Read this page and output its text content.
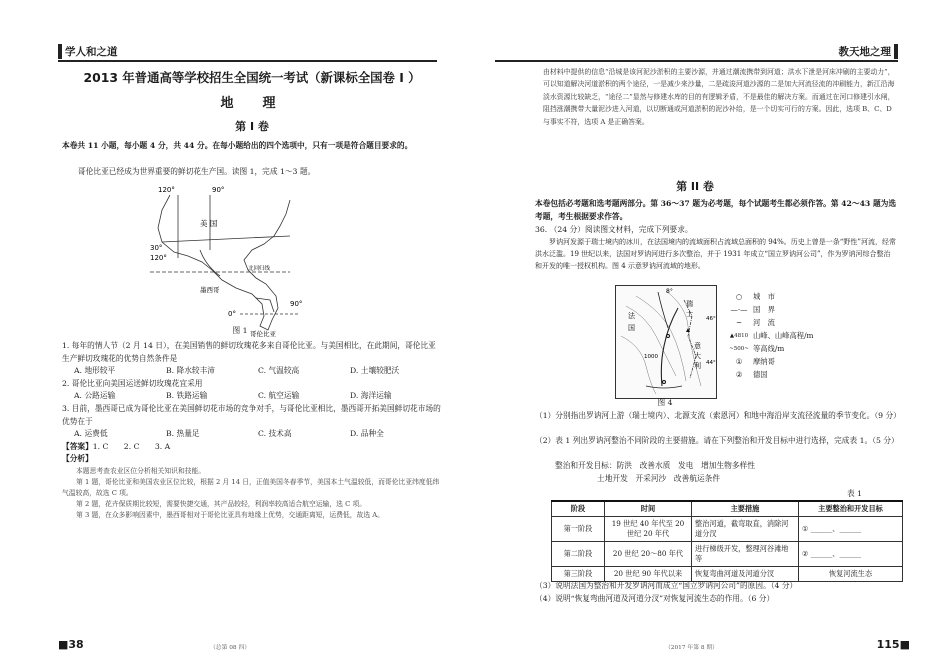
学人和之道
2013 年普通高等学校招生全国统一考试（新课标全国卷 I ）
地　理
第 I 卷
本卷共 11 小题，每小题 4 分，共 44 分。在每小题给出的四个选项中，只有一项是符合题目要求的。
哥伦比亚已经成为世界重要的鲜切花生产国。读图 1，完成 1～3 题。
120°	90°
美 国
30°
120°
北回归线
墨西哥
0°
90°
哥伦比亚
图 1
1. 每年的情人节（2 月 14 日），在美国销售的鲜切玫瑰花多来自哥伦比亚。与美国相比，在此期间，哥伦比亚生产鲜切玫瑰花的优势自然条件是
A. 地形较平	B. 降水较丰沛	C. 气温较高	D. 土壤较肥沃
2. 哥伦比亚向美国运送鲜切玫瑰花宜采用
A. 公路运输	B. 铁路运输	C. 航空运输	D. 海洋运输
3. 目前，墨西哥已成为哥伦比亚在美国鲜切花市场的竞争对手，与哥伦比亚相比，墨西哥开拓美国鲜切花市场的优势在于
A. 运费低	B. 热量足	C. 技术高	D. 品种全
【答案】1. C　　2. C　　3. A
【分析】
本题思考查农业区位分析相关知识和技能。
第 1 题，哥伦比亚和美国农业区位比较，根据 2 月 14 日，正值美国冬春季节，美国本土气温较低，而哥伦比亚纬度低纬气温较高，故选 C 项。
第 2 题，花卉保质期比较短，需要快捷交通，其产品较轻，利润率较高适合航空运输，选 C 项。
第 3 题，在众多影响因素中，墨西哥相对于哥伦比亚具有地缘上优势，交通距离短，运费低，故选 A。
■38	（总第 08 四）
教天地之理
由材料中提供的信息“沿城是该河泥沙淤积的主要沙源，并通过潮流携带到河道；洪水下泄是河床冲刷的主要动力”，可以知道解决河道淤积的两个途径，一是减少来沙量，二是疏浚河道沙源的二是加大河流径流的冲刷能力，新江沿海淡水资源比较缺乏，“途径二”显然与修建水库的目的有逻辑矛盾，不是最佳的解决方案。而通过在河口修建引水闸，阻挡涨潮携带大量泥沙进入河道，以切断通或河道淤积的泥沙补给，是一个切实可行的方案。因此，选项 B、C、D 与事实不符，选项 A 是正确答案。
第 II 卷
本卷包括必考题和选考题两部分。第 36～37 题为必考题，每个试题考生都必须作答。第 42～43 题为选考题，考生根据要求作答。
36. （24 分）阅读图文材料，完成下列要求。
罗讷河发源于瑞士境内的冰川，在法国境内的流域面积占流域总面积的 94%。历史上曾是一条“野性”河流，经常洪水泛滥。19 世纪以来，法国对罗讷河进行多次整治，并于 1931 年成立“国立罗讷河公司”，作为罗讷河综合整治和开发的唯一授权机构。图 4 示意罗讷河流域的地形。
8°
法
国
瑞
士
46°
44°
意
大
利
1000
图 4
○	城　市
—·— 国　界
~	河　流
▲4810 山峰、山峰高程/m
~500~ 等高线/m
①	摩纳哥
②	德国
（1）分别指出罗讷河上游（瑞士境内）、北源支流（索恩河）和地中海沿岸支流径流量的季节变化。（9 分）
（2）表 1 列出罗讷河整治不同阶段的主要措施。请在下列整治和开发目标中进行选择，完成表 1。（5 分）
整治和开发目标：防洪　改善水质　发电　增加生物多样性
土地开发　开采河沙　改善航运条件
表 1
阶段	时间	主要措施	主要整治和开发目标
第一阶段	19 世纪 40 年代至 20 世纪 20 年代	整治河道，截弯取直，消除河道分汊	① ______、______
第二阶段	20 世纪 20～80 年代	进行梯级开发，整理河谷滩地等	② ______、______
第三阶段	20 世纪 90 年代以来	恢复弯曲河道及河道分汊	恢复河流生态
（3）说明法国为整治和开发罗讷河而成立“国立罗讷河公司”的原因。（4 分）
（4）说明“恢复弯曲河道及河道分汊”对恢复河流生态的作用。（6 分）
（2017 年第 8 期）	115■
